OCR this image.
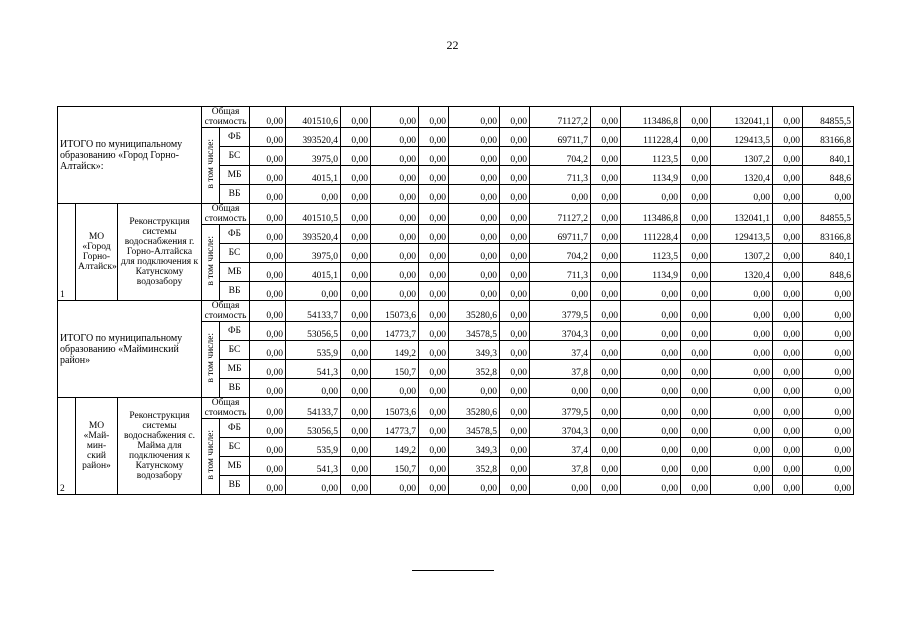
22
ИТОГО по муниципальному образованию «Город Горно-Алтайск»:			Общая стоимость		0,00	401510,6	0,00	0,00	0,00	0,00	0,00	71127,2	0,00	113486,8	0,00	132041,1	0,00	84855,5
			в том числе:	ФБ	0,00	393520,4	0,00	0,00	0,00	0,00	0,00	69711,7	0,00	111228,4	0,00	129413,5	0,00	83166,8
				БС	0,00	3975,0	0,00	0,00	0,00	0,00	0,00	704,2	0,00	1123,5	0,00	1307,2	0,00	840,1
				МБ	0,00	4015,1	0,00	0,00	0,00	0,00	0,00	711,3	0,00	1134,9	0,00	1320,4	0,00	848,6
				ВБ	0,00	0,00	0,00	0,00	0,00	0,00	0,00	0,00	0,00	0,00	0,00	0,00	0,00	0,00
1	МО «Город Горно-Алтайск»	Реконструкция системы водоснабжения г. Горно-Алтайска для подключения к Катунскому водозабору	Общая стоимость		0,00	401510,5	0,00	0,00	0,00	0,00	0,00	71127,2	0,00	113486,8	0,00	132041,1	0,00	84855,5
			в том числе:	ФБ	0,00	393520,4	0,00	0,00	0,00	0,00	0,00	69711,7	0,00	111228,4	0,00	129413,5	0,00	83166,8
				БС	0,00	3975,0	0,00	0,00	0,00	0,00	0,00	704,2	0,00	1123,5	0,00	1307,2	0,00	840,1
				МБ	0,00	4015,1	0,00	0,00	0,00	0,00	0,00	711,3	0,00	1134,9	0,00	1320,4	0,00	848,6
				ВБ	0,00	0,00	0,00	0,00	0,00	0,00	0,00	0,00	0,00	0,00	0,00	0,00	0,00	0,00
ИТОГО по муниципальному образованию «Майминский район»			Общая стоимость		0,00	54133,7	0,00	15073,6	0,00	35280,6	0,00	3779,5	0,00	0,00	0,00	0,00	0,00	0,00
			в том числе:	ФБ	0,00	53056,5	0,00	14773,7	0,00	34578,5	0,00	3704,3	0,00	0,00	0,00	0,00	0,00	0,00
				БС	0,00	535,9	0,00	149,2	0,00	349,3	0,00	37,4	0,00	0,00	0,00	0,00	0,00	0,00
				МБ	0,00	541,3	0,00	150,7	0,00	352,8	0,00	37,8	0,00	0,00	0,00	0,00	0,00	0,00
				ВБ	0,00	0,00	0,00	0,00	0,00	0,00	0,00	0,00	0,00	0,00	0,00	0,00	0,00	0,00
2	МО «Май-мин-ский район»	Реконструкция системы водоснабжения с. Майма для подключения к Катунскому водозабору	Общая стоимость		0,00	54133,7	0,00	15073,6	0,00	35280,6	0,00	3779,5	0,00	0,00	0,00	0,00	0,00	0,00
			в том числе:	ФБ	0,00	53056,5	0,00	14773,7	0,00	34578,5	0,00	3704,3	0,00	0,00	0,00	0,00	0,00	0,00
				БС	0,00	535,9	0,00	149,2	0,00	349,3	0,00	37,4	0,00	0,00	0,00	0,00	0,00	0,00
				МБ	0,00	541,3	0,00	150,7	0,00	352,8	0,00	37,8	0,00	0,00	0,00	0,00	0,00	0,00
				ВБ	0,00	0,00	0,00	0,00	0,00	0,00	0,00	0,00	0,00	0,00	0,00	0,00	0,00	0,00
